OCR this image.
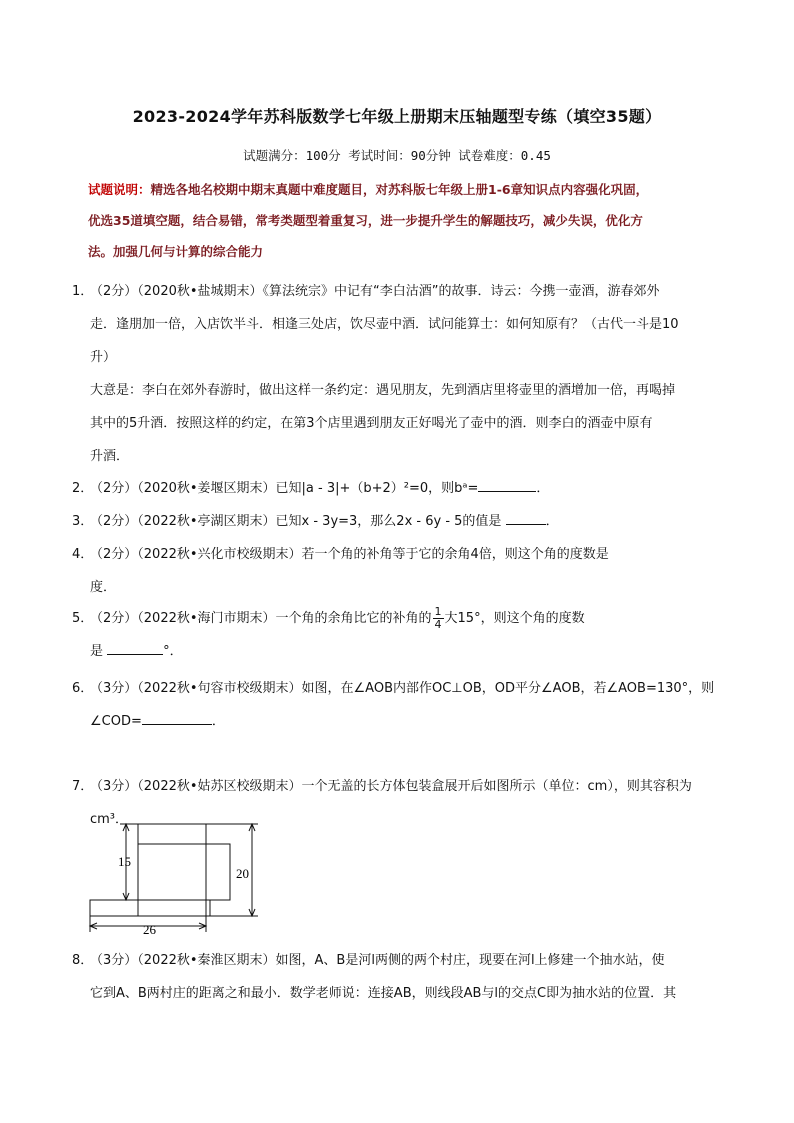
2023-2024学年苏科版数学七年级上册期末压轴题型专练（填空35题）
试题满分：100分 考试时间：90分钟 试卷难度：0.45
试题说明：精选各地名校期中期末真题中难度题目，对苏科版七年级上册1-6章知识点内容强化巩固，
优选35道填空题，结合易错，常考类题型着重复习，进一步提升学生的解题技巧，减少失误，优化方
法。加强几何与计算的综合能力
1．
（2分）（2020秋•盐城期末）《算法统宗》中记有“李白沽酒”的故事．诗云：今携一壶酒，游春郊外
走．逢朋加一倍，入店饮半斗．相逢三处店，饮尽壶中酒．试问能算士：如何知原有？（古代一斗是10
升）
大意是：李白在郊外春游时，做出这样一条约定：遇见朋友，先到酒店里将壶里的酒增加一倍，再喝掉
其中的5升酒．按照这样的约定，在第3个店里遇到朋友正好喝光了壶中的酒．则李白的酒壶中原有
升酒．
2．
（2分）（2020秋•姜堰区期末）已知|a - 3|+（b+2）²=0，则bᵃ=	．
3．
（2分）（2022秋•亭湖区期末）已知x - 3y=3，那么2x - 6y - 5的值是	．
4．
（2分）（2022秋•兴化市校级期末）若一个角的补角等于它的余角4倍，则这个角的度数是
度．
5．
（2分）（2022秋•海门市期末）一个角的余角比它的补角的 $\frac{1}{4}$ 大15°，则这个角的度数
是	°．
6．
（3分）（2022秋•句容市校级期末）如图，在∠AOB内部作OC⊥OB，OD平分∠AOB，若∠AOB=130°，则
∠COD=	．
7．
（3分）（2022秋•姑苏区校级期末）一个无盖的长方体包装盒展开后如图所示（单位：cm），则其容积为
cm³．
15
20
26
8．
（3分）（2022秋•秦淮区期末）如图，A、B是河l两侧的两个村庄，现要在河l上修建一个抽水站，使
它到A、B两村庄的距离之和最小．数学老师说：连接AB，则线段AB与l的交点C即为抽水站的位置．其
